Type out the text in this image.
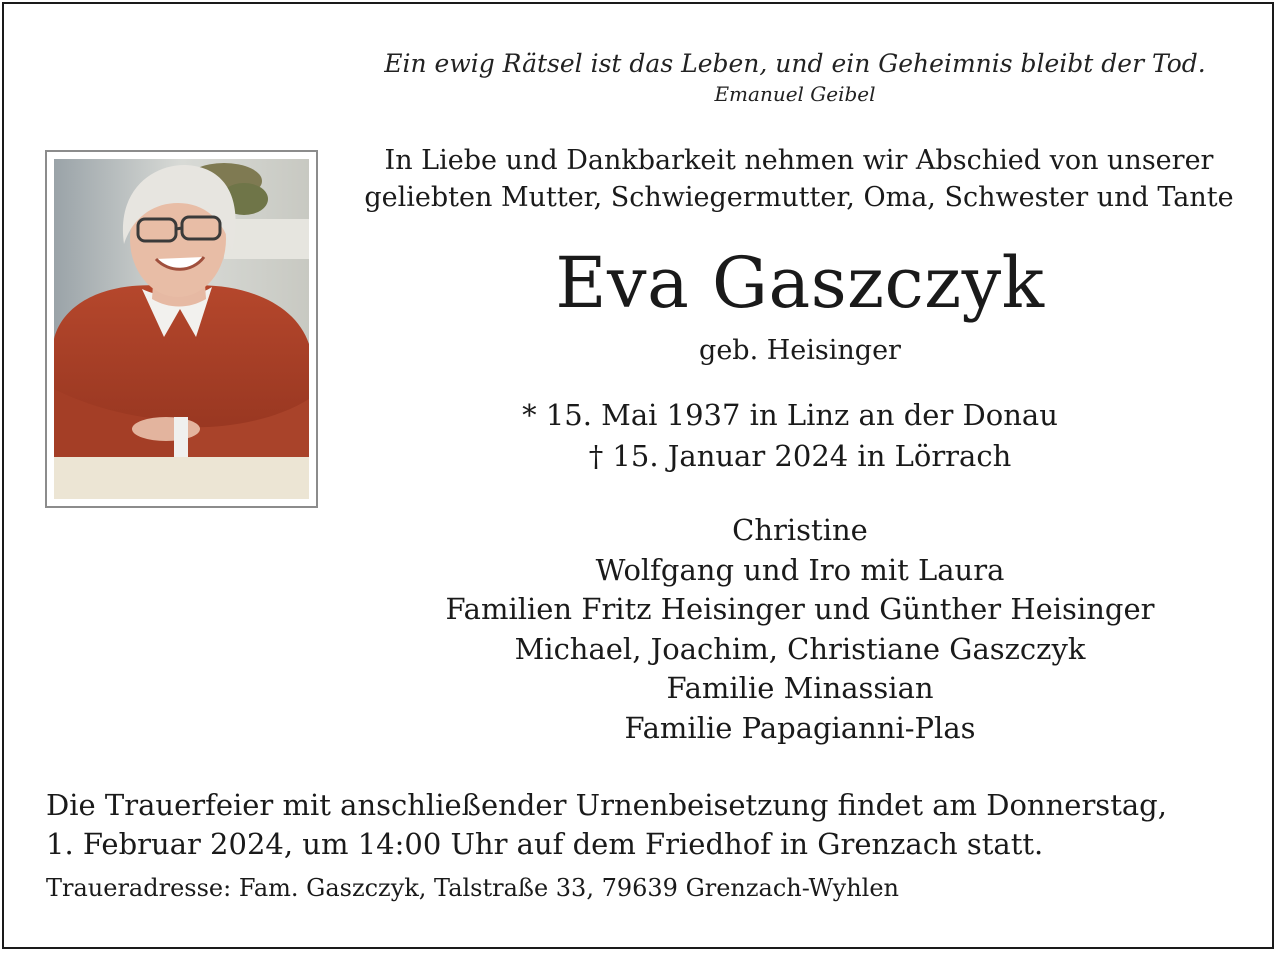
Ein ewig Rätsel ist das Leben, und ein Geheimnis bleibt der Tod.
Emanuel Geibel
In Liebe und Dankbarkeit nehmen wir Abschied von unserer
geliebten Mutter, Schwiegermutter, Oma, Schwester und Tante
Eva Gaszczyk
geb. Heisinger
* 15. Mai 1937 in Linz an der Donau
† 15. Januar 2024 in Lörrach
Christine
Wolfgang und Iro mit Laura
Familien Fritz Heisinger und Günther Heisinger
Michael, Joachim, Christiane Gaszczyk
Familie Minassian
Familie Papagianni-Plas
Die Trauerfeier mit anschließender Urnenbeisetzung findet am Donnerstag,
1. Februar 2024, um 14:00 Uhr auf dem Friedhof in Grenzach statt.
Traueradresse: Fam. Gaszczyk, Talstraße 33, 79639 Grenzach-Wyhlen
